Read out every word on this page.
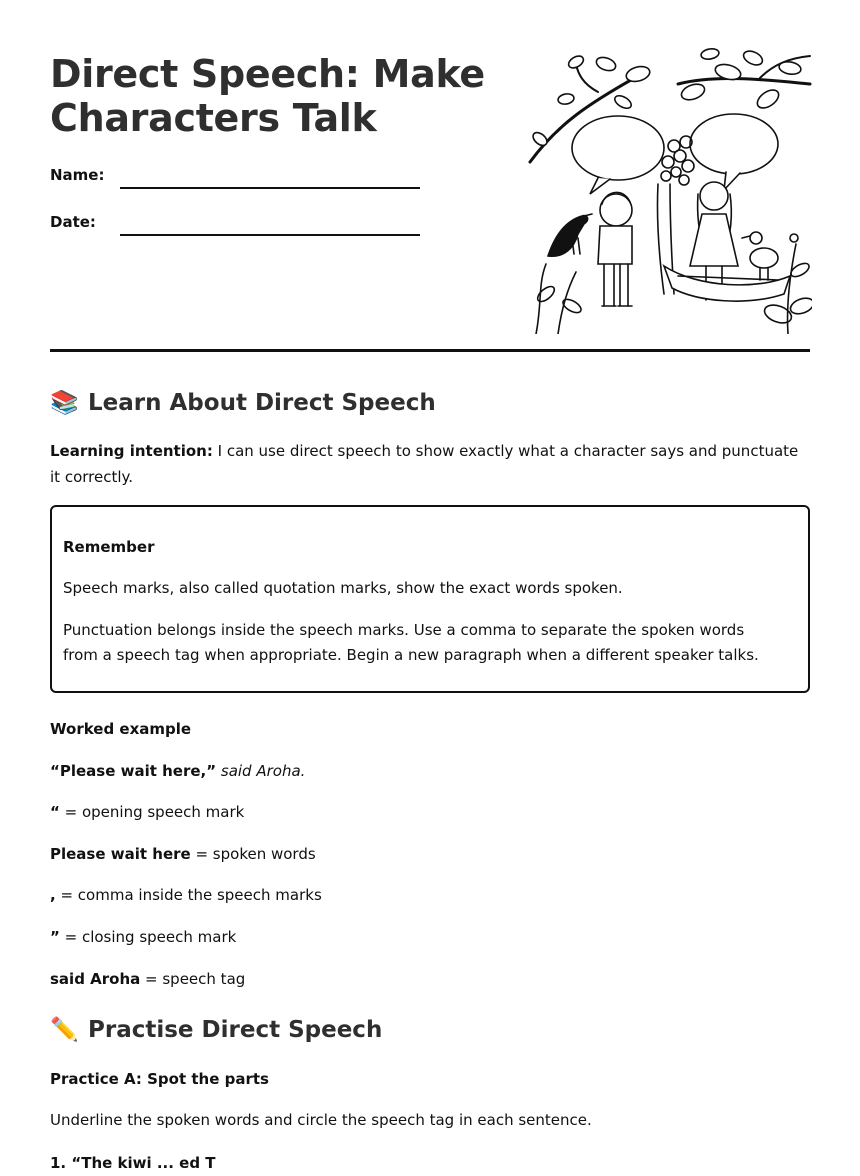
Direct Speech: Make Characters Talk
Name:
Date:
📚 Learn About Direct Speech

Learning intention: I can use direct speech to show exactly what a character says and punctuate it correctly.

Remember

Speech marks, also called quotation marks, show the exact words spoken.

Punctuation belongs inside the speech marks. Use a comma to separate the spoken words from a speech tag when appropriate. Begin a new paragraph when a different speaker talks.

Worked example

“Please wait here,” said Aroha.

“ = opening speech mark

Please wait here = spoken words

, = comma inside the speech marks

” = closing speech mark

said Aroha = speech tag

✏️ Practise Direct Speech

Practice A: Spot the parts

Underline the spoken words and circle the speech tag in each sentence.

1. “The kiwi ... ed T
